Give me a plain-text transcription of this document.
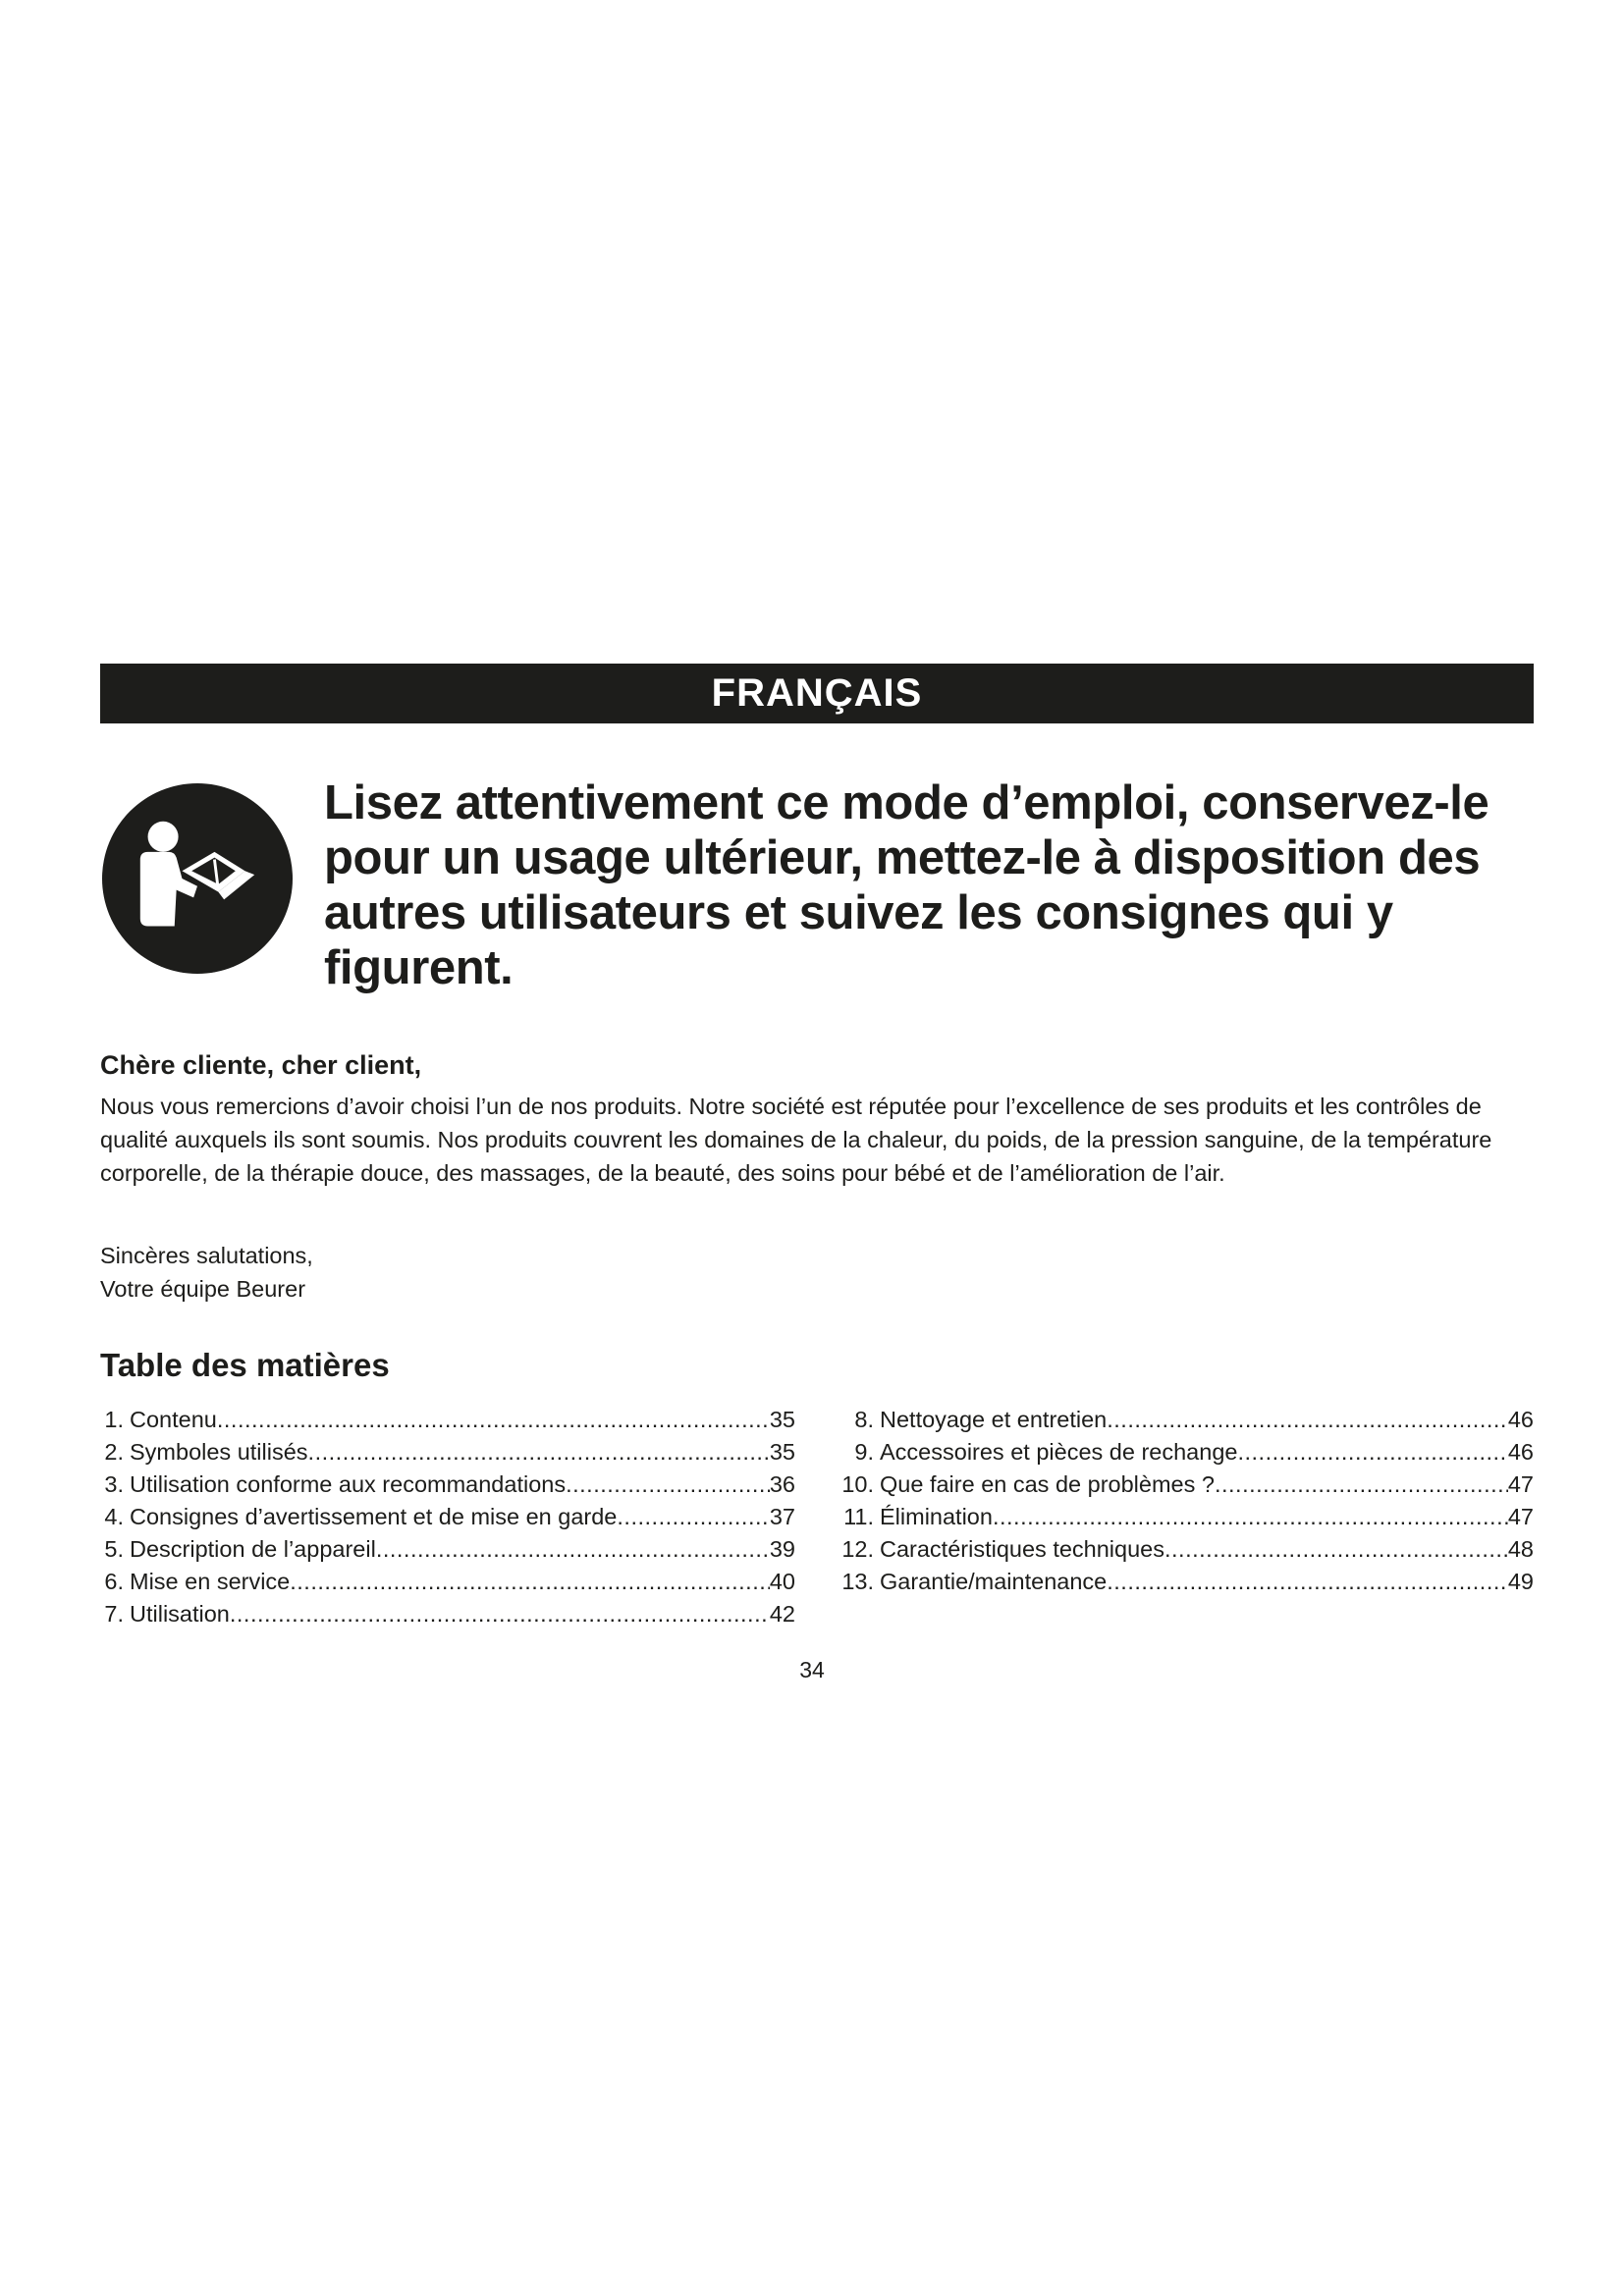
FRANÇAIS
Lisez attentivement ce mode d’emploi, conservez-le pour un usage ultérieur, mettez-le à disposition des autres utilisateurs et suivez les consignes qui y figurent.
Chère cliente, cher client,

Nous vous remercions d’avoir choisi l’un de nos produits. Notre société est réputée pour l’excellence de ses produits et les contrôles de qualité auxquels ils sont soumis. Nos produits couvrent les domaines de la chaleur, du poids, de la pression sanguine, de la température corporelle, de la thérapie douce, des massages, de la beauté, des soins pour bébé et de l’amélioration de l’air.

Sincères salutations,
Votre équipe Beurer

Table des matières
1. Contenu .....	35
2. Symboles utilisés .....	35
3. Utilisation conforme aux recommandations .....	36
4. Consignes d’avertissement et de mise en garde .....	37
5. Description de l’appareil .....	39
6. Mise en service .....	40
7. Utilisation .....	42
8. Nettoyage et entretien .....	46
9. Accessoires et pièces de rechange .....	46
10. Que faire en cas de problèmes ? .....	47
11. Élimination .....	47
12. Caractéristiques techniques .....	48
13. Garantie/maintenance .....	49
34
